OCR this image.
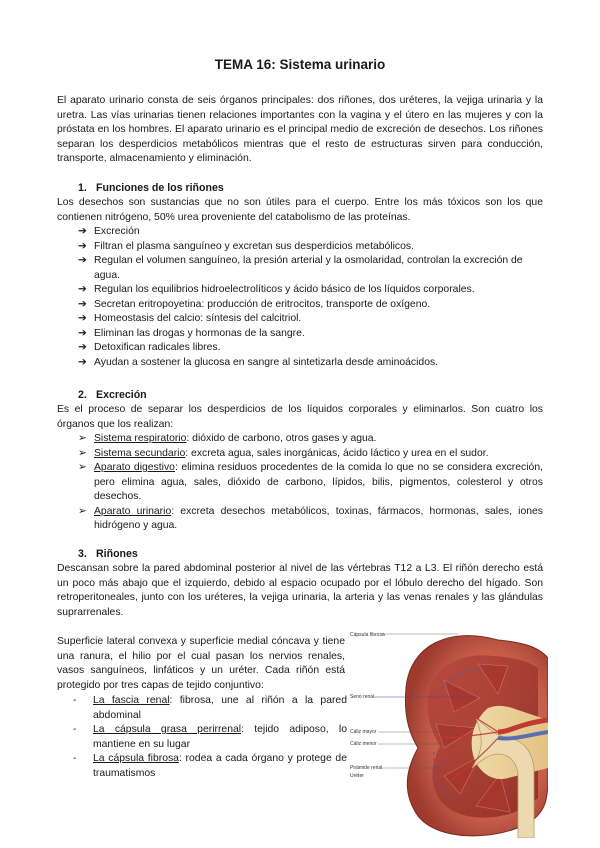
TEMA 16: Sistema urinario

El aparato urinario consta de seis órganos principales: dos riñones, dos uréteres, la vejiga urinaria y la uretra. Las vías urinarias tienen relaciones importantes con la vagina y el útero en las mujeres y con la próstata en los hombres. El aparato urinario es el principal medio de excreción de desechos. Los riñones separan los desperdicios metabólicos mientras que el resto de estructuras sirven para conducción, transporte, almacenamiento y eliminación.

1. Funciones de los riñones

Los desechos son sustancias que no son útiles para el cuerpo. Entre los más tóxicos son los que contienen nitrógeno, 50% urea proveniente del catabolismo de las proteínas.

➔ Excreción
➔ Filtran el plasma sanguíneo y excretan sus desperdicios metabólicos.
➔ Regulan el volumen sanguíneo, la presión arterial y la osmolaridad, controlan la excreción de agua.
➔ Regulan los equilibrios hidroelectrolíticos y ácido básico de los líquidos corporales.
➔ Secretan eritropoyetina: producción de eritrocitos, transporte de oxígeno.
➔ Homeostasis del calcio: síntesis del calcitriol.
➔ Eliminan las drogas y hormonas de la sangre.
➔ Detoxifican radicales libres.
➔ Ayudan a sostener la glucosa en sangre al sintetizarla desde aminoácidos.
2. Excreción

Es el proceso de separar los desperdicios de los líquidos corporales y eliminarlos. Son cuatro los órganos que los realizan:

➢ Sistema respiratorio: dióxido de carbono, otros gases y agua.
➢ Sistema secundario: excreta agua, sales inorgánicas, ácido láctico y urea en el sudor.
➢ Aparato digestivo: elimina residuos procedentes de la comida lo que no se considera excreción, pero elimina agua, sales, dióxido de carbono, lípidos, bilis, pigmentos, colesterol y otros desechos.
➢ Aparato urinario: excreta desechos metabólicos, toxinas, fármacos, hormonas, sales, iones hidrógeno y agua.
3. Riñones

Descansan sobre la pared abdominal posterior al nivel de las vértebras T12 a L3. El riñón derecho está un poco más abajo que el izquierdo, debido al espacio ocupado por el lóbulo derecho del hígado. Son retroperitoneales, junto con los uréteres, la vejiga urinaria, la arteria y las venas renales y las glándulas suprarrenales.

Superficie lateral convexa y superficie medial cóncava y tiene una ranura, el hilio por el cual pasan los nervios renales, vasos sanguíneos, linfáticos y un uréter. Cada riñón está protegido por tres capas de tejido conjuntivo:

- La fascia renal: fibrosa, une al riñón a la pared abdominal
- La cápsula grasa perirrenal: tejido adiposo, lo mantiene en su lugar
- La cápsula fibrosa: rodea a cada órgano y protege de traumatismos
Cápsula fibrosa
Seno renal
Cáliz mayor
Cáliz menor
Pirámide renal
Uréter
